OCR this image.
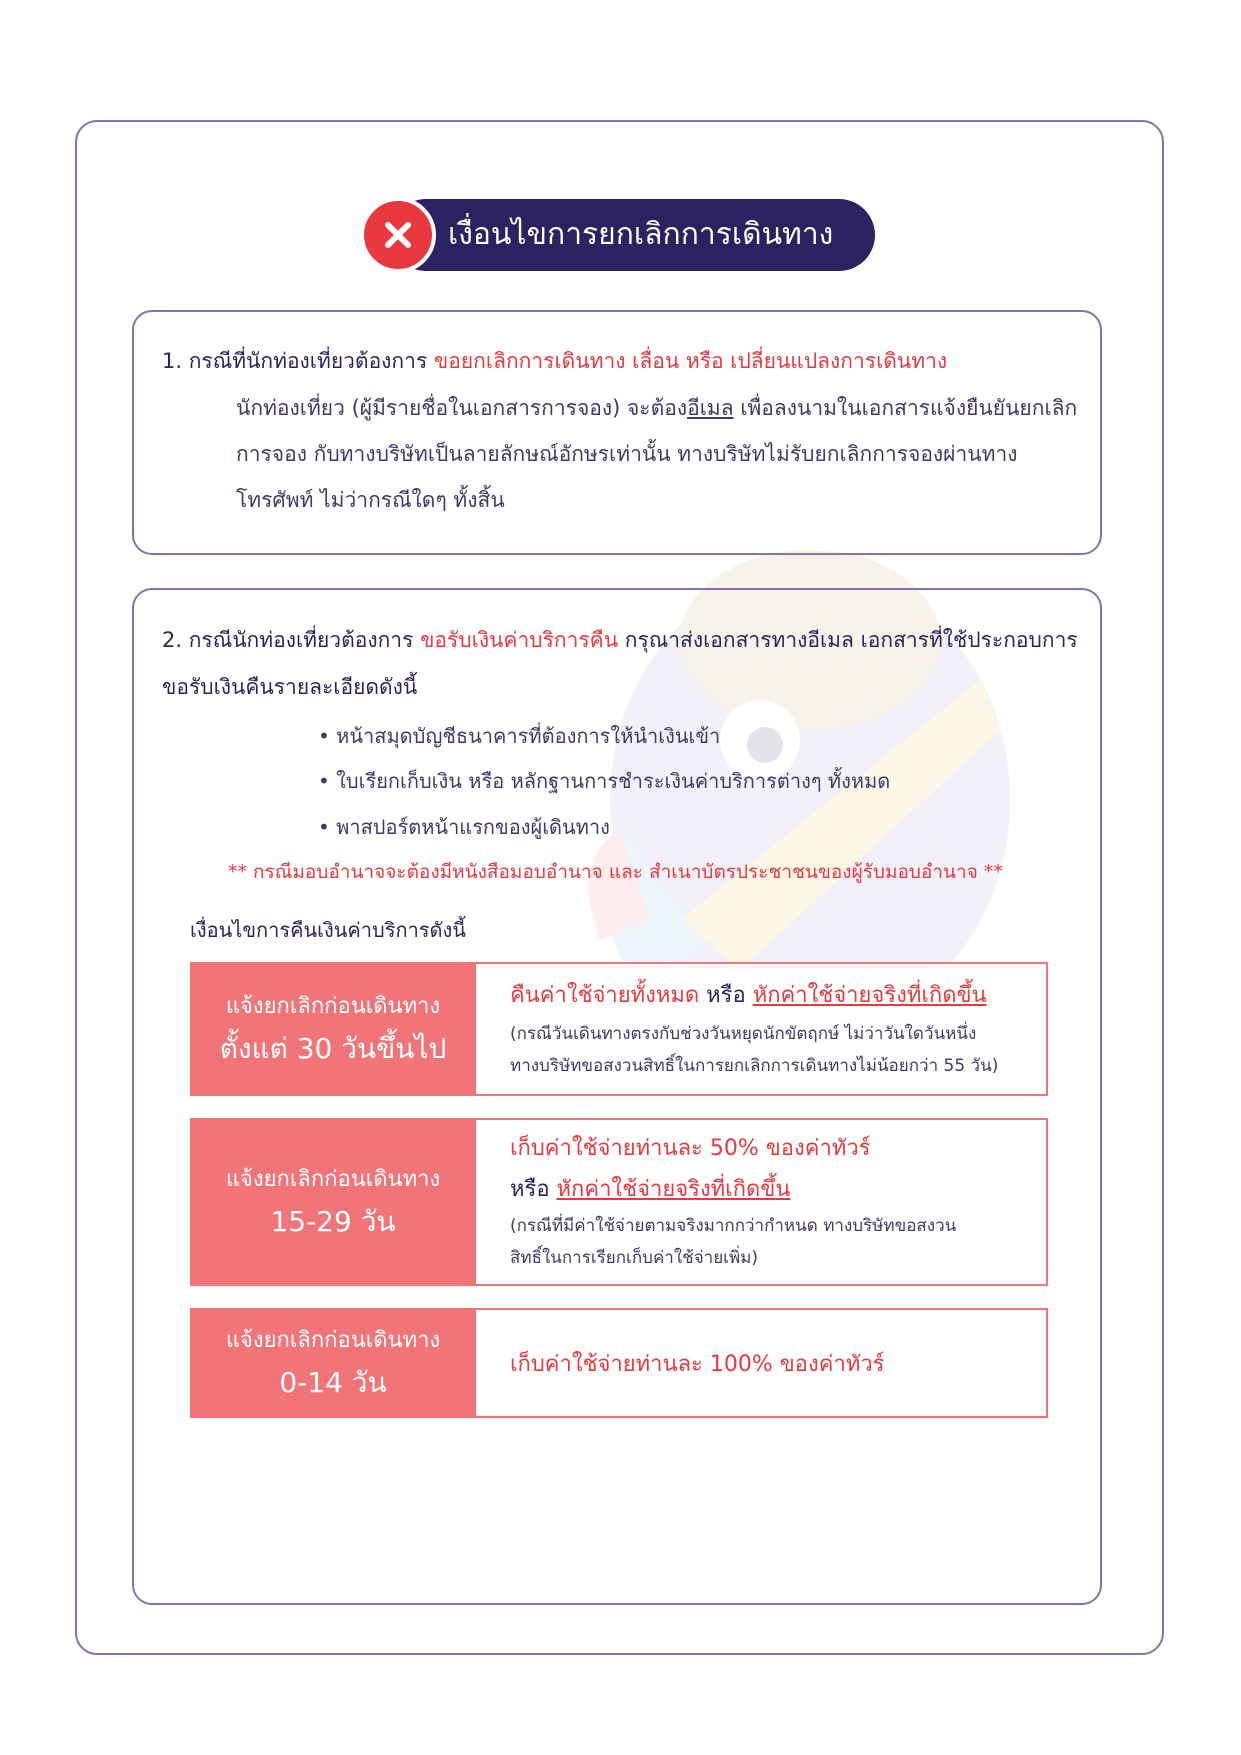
เงื่อนไขการยกเลิกการเดินทาง
1. กรณีที่นักท่องเที่ยวต้องการ ขอยกเลิกการเดินทาง เลื่อน หรือ เปลี่ยนแปลงการเดินทาง
นักท่องเที่ยว (ผู้มีรายชื่อในเอกสารการจอง) จะต้องอีเมล เพื่อลงนามในเอกสารแจ้งยืนยันยกเลิก
การจอง กับทางบริษัทเป็นลายลักษณ์อักษรเท่านั้น ทางบริษัทไม่รับยกเลิกการจองผ่านทาง
โทรศัพท์ ไม่ว่ากรณีใดๆ ทั้งสิ้น
2. กรณีนักท่องเที่ยวต้องการ ขอรับเงินค่าบริการคืน กรุณาส่งเอกสารทางอีเมล เอกสารที่ใช้ประกอบการ
ขอรับเงินคืนรายละเอียดดังนี้
• หน้าสมุดบัญชีธนาคารที่ต้องการให้นำเงินเข้า
• ใบเรียกเก็บเงิน หรือ หลักฐานการชำระเงินค่าบริการต่างๆ ทั้งหมด
• พาสปอร์ตหน้าแรกของผู้เดินทาง
** กรณีมอบอำนาจจะต้องมีหนังสือมอบอำนาจ และ สำเนาบัตรประชาชนของผู้รับมอบอำนาจ **
เงื่อนไขการคืนเงินค่าบริการดังนี้
แจ้งยกเลิกก่อนเดินทาง
ตั้งแต่ 30 วันขึ้นไป
คืนค่าใช้จ่ายทั้งหมด หรือ หักค่าใช้จ่ายจริงที่เกิดขึ้น
(กรณีวันเดินทางตรงกับช่วงวันหยุดนักขัตฤกษ์ ไม่ว่าวันใดวันหนึ่ง
ทางบริษัทขอสงวนสิทธิ์ในการยกเลิกการเดินทางไม่น้อยกว่า 55 วัน)
แจ้งยกเลิกก่อนเดินทาง
15-29 วัน
เก็บค่าใช้จ่ายท่านละ 50% ของค่าทัวร์
หรือ หักค่าใช้จ่ายจริงที่เกิดขึ้น
(กรณีที่มีค่าใช้จ่ายตามจริงมากกว่ากำหนด ทางบริษัทขอสงวน
สิทธิ์ในการเรียกเก็บค่าใช้จ่ายเพิ่ม)
แจ้งยกเลิกก่อนเดินทาง
0-14 วัน
เก็บค่าใช้จ่ายท่านละ 100% ของค่าทัวร์
